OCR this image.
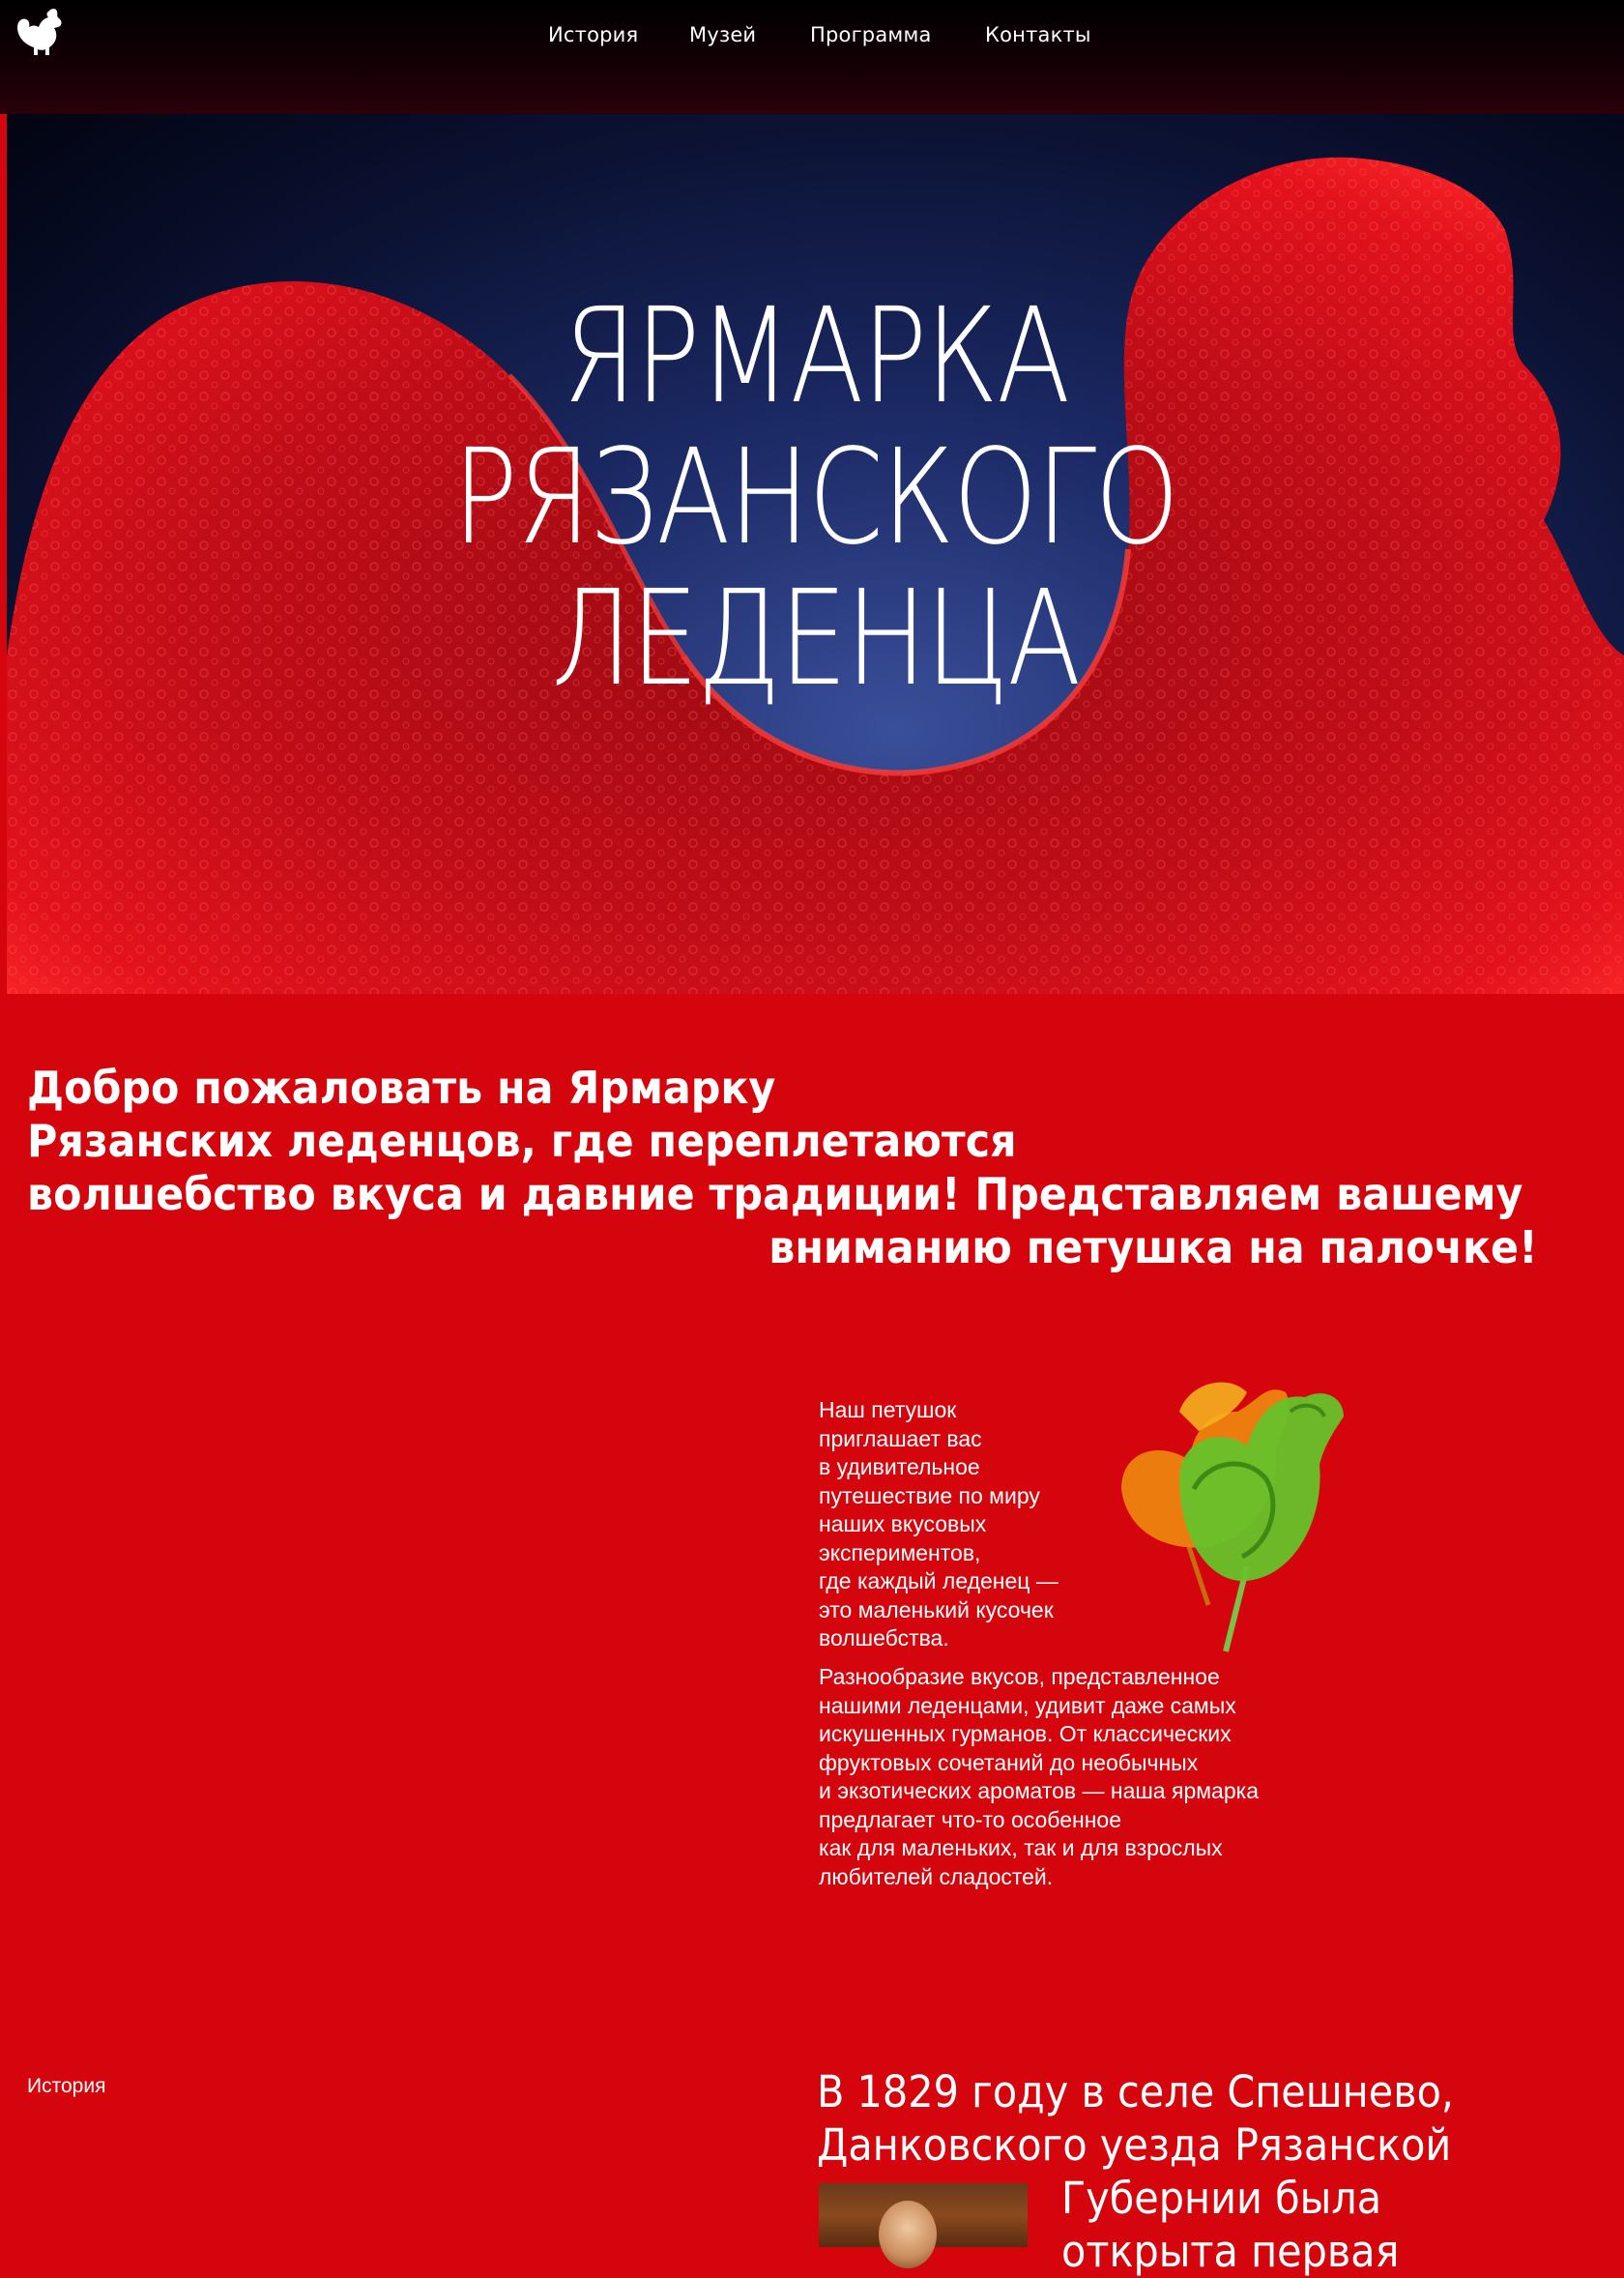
История	Музей	Программа	Контакты
ЯРМАРКА
РЯЗАНСКОГО
ЛЕДЕНЦА
Добро пожаловать на Ярмарку
Рязанских леденцов, где переплетаются
волшебство вкуса и давние традиции! Представляем вашему
вниманию петушка на палочке!
Наш петушок
приглашает вас
в удивительное
путешествие по миру
наших вкусовых
экспериментов,
где каждый леденец —
это маленький кусочек
волшебства.
Разнообразие вкусов, представленное
нашими леденцами, удивит даже самых
искушенных гурманов. От классических
фруктовых сочетаний до необычных
и экзотических ароматов — наша ярмарка
предлагает что-то особенное
как для маленьких, так и для взрослых
любителей сладостей.
История	В 1829 году в селе Спешнево,
Данковского уезда Рязанской
Губернии была
открыта первая
